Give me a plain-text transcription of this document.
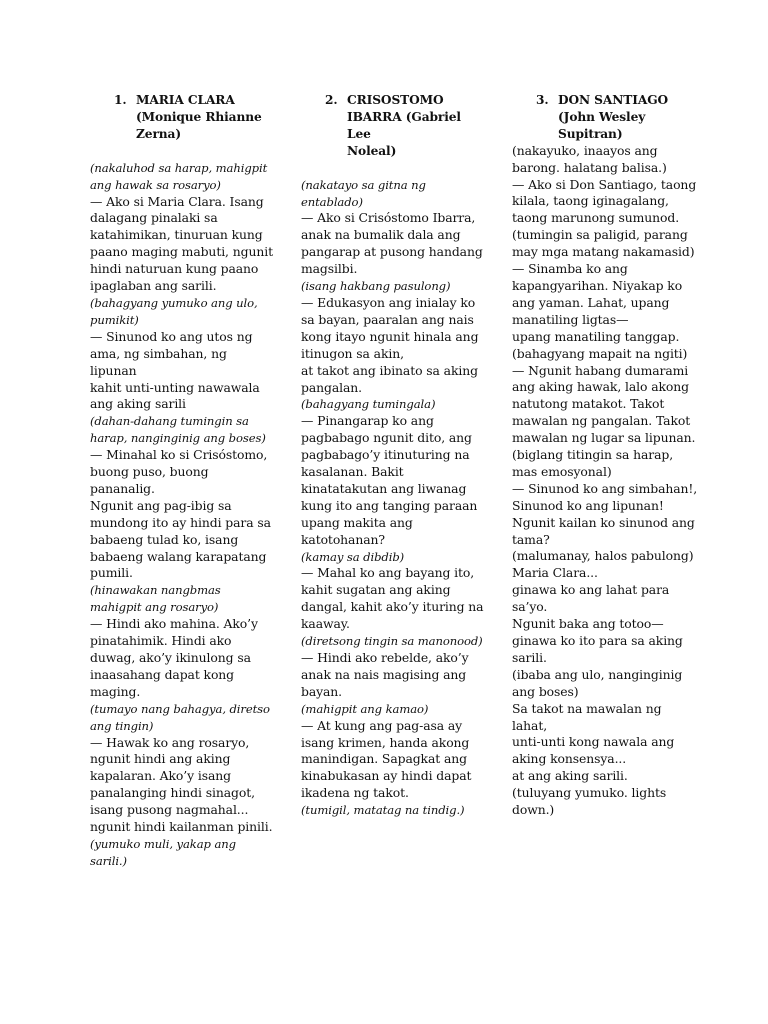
1. MARIA CLARA
(Monique Rhianne
Zerna)
(nakaluhod sa harap, mahigpit
ang hawak sa rosaryo)
— Ako si Maria Clara. Isang
dalagang pinalaki sa
katahimikan, tinuruan kung
paano maging mabuti, ngunit
hindi naturuan kung paano
ipaglaban ang sarili.
(bahagyang yumuko ang ulo,
pumikit)
— Sinunod ko ang utos ng
ama, ng simbahan, ng lipunan
kahit unti-unting nawawala
ang aking sarili
(dahan-dahang tumingin sa
harap, nanginginig ang boses)
— Minahal ko si Crisóstomo,
buong puso, buong pananalig.
Ngunit ang pag-ibig sa
mundong ito ay hindi para sa
babaeng tulad ko, isang
babaeng walang karapatang
pumili.
(hinawakan nangbmas
mahigpit ang rosaryo)
— Hindi ako mahina. Ako’y
pinatahimik. Hindi ako
duwag, ako’y ikinulong sa
inaasahang dapat kong
maging.
(tumayo nang bahagya, diretso
ang tingin)
— Hawak ko ang rosaryo,
ngunit hindi ang aking
kapalaran. Ako’y isang
panalanging hindi sinagot,
isang pusong nagmahal...
ngunit hindi kailanman pinili.
(yumuko muli, yakap ang
sarili.)
2. CRISOSTOMO
IBARRA (Gabriel Lee
Noleal)
(nakatayo sa gitna ng
entablado)
— Ako si Crisóstomo Ibarra,
anak na bumalik dala ang
pangarap at pusong handang
magsilbi.
(isang hakbang pasulong)
— Edukasyon ang inialay ko
sa bayan, paaralan ang nais
kong itayo ngunit hinala ang
itinugon sa akin,
at takot ang ibinato sa aking
pangalan.
(bahagyang tumingala)
— Pinangarap ko ang
pagbabago ngunit dito, ang
pagbabago’y itinuturing na
kasalanan. Bakit
kinatatakutan ang liwanag
kung ito ang tanging paraan
upang makita ang
katotohanan?
(kamay sa dibdib)
— Mahal ko ang bayang ito,
kahit sugatan ang aking
dangal, kahit ako’y ituring na
kaaway.
(diretsong tingin sa manonood)
— Hindi ako rebelde, ako’y
anak na nais magising ang
bayan.
(mahigpit ang kamao)
— At kung ang pag-asa ay
isang krimen, handa akong
manindigan. Sapagkat ang
kinabukasan ay hindi dapat
ikadena ng takot.
(tumigil, matatag na tindig.)
3. DON SANTIAGO
(John Wesley
Supitran)
(nakayuko, inaayos ang
barong. halatang balisa.)
— Ako si Don Santiago, taong
kilala, taong iginagalang,
taong marunong sumunod.
(tumingin sa paligid, parang
may mga matang nakamasid)
— Sinamba ko ang
kapangyarihan. Niyakap ko
ang yaman. Lahat, upang
manatiling ligtas—
upang manatiling tanggap.
(bahagyang mapait na ngiti)
— Ngunit habang dumarami
ang aking hawak, lalo akong
natutong matakot. Takot
mawalan ng pangalan. Takot
mawalan ng lugar sa lipunan.
(biglang titingin sa harap,
mas emosyonal)
— Sinunod ko ang simbahan!,
Sinunod ko ang lipunan!
Ngunit kailan ko sinunod ang
tama?
(malumanay, halos pabulong)
Maria Clara...
ginawa ko ang lahat para
sa’yo.
Ngunit baka ang totoo—
ginawa ko ito para sa aking
sarili.
(ibaba ang ulo, nanginginig
ang boses)
Sa takot na mawalan ng lahat,
unti-unti kong nawala ang
aking konsensya...
at ang aking sarili.
(tuluyang yumuko. lights
down.)
